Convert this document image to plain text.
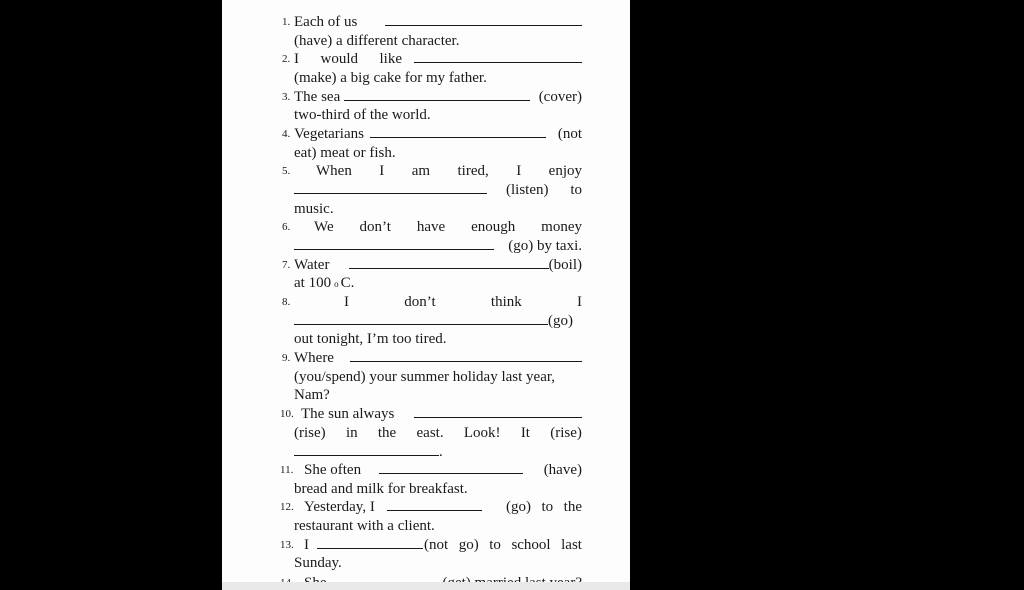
1. Each of us
(have) a different character.
2. I would like
(make) a big cake for my father.
3. The sea	(cover)
two-third of the world.
4. Vegetarians	(not
eat) meat or fish.
5.	When I am tired, I enjoy
(listen) to
music.
6.	We don’t have enough money
(go) by taxi.
7. Water	(boil)
at 100 o C.
8.	I	don’t	think	I
(go)
out tonight, I’m too tired.
9. Where
(you/spend) your summer holiday last year,
Nam?
10. The sun always
(rise) in the east. Look! It (rise)
.
11. She often	(have)
bread and milk for breakfast.
12. Yesterday, I	(go) to the
restaurant with a client.
13. I	(not go) to school last
Sunday.
